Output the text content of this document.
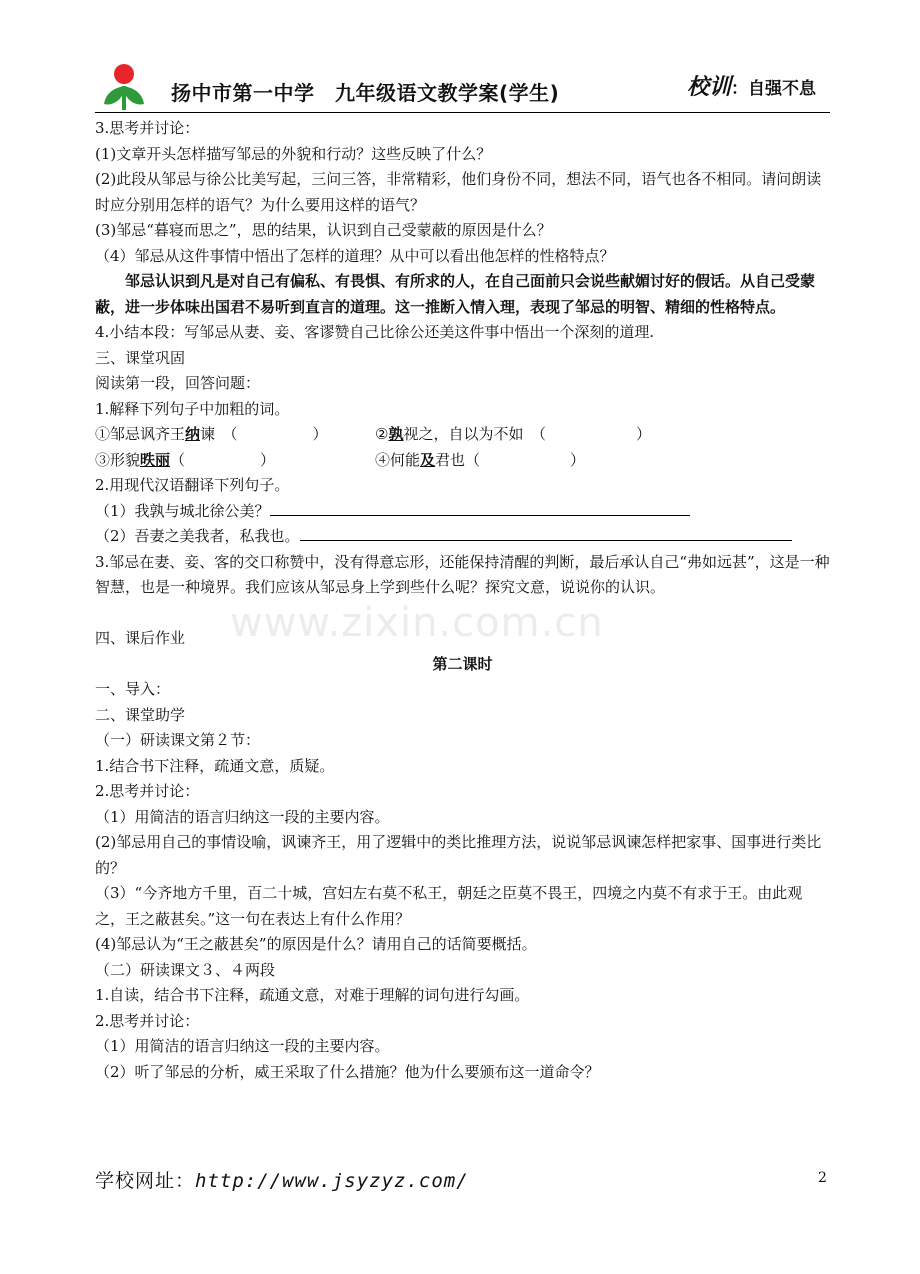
扬中市第一中学　九年级语文教学案(学生)	校训：自强不息
www.zixin.com.cn
3.思考并讨论：
(1)文章开头怎样描写邹忌的外貌和行动？这些反映了什么？
(2)此段从邹忌与徐公比美写起，三问三答，非常精彩，他们身份不同，想法不同，语气也各不相同。请问朗读时应分别用怎样的语气？为什么要用这样的语气？
(3)邹忌“暮寝而思之”，思的结果，认识到自己受蒙蔽的原因是什么？
（4）邹忌从这件事情中悟出了怎样的道理？从中可以看出他怎样的性格特点？
邹忌认识到凡是对自己有偏私、有畏惧、有所求的人，在自己面前只会说些献媚讨好的假话。从自己受蒙蔽，进一步体味出国君不易听到直言的道理。这一推断入情入理，表现了邹忌的明智、精细的性格特点。
4.小结本段：写邹忌从妻、妾、客谬赞自己比徐公还美这件事中悟出一个深刻的道理.
三、课堂巩固
阅读第一段，回答问题：
1.解释下列句子中加粗的词。
①邹忌讽齐王纳谏　（　　　　　）	②孰视之，自以为不如　（　　　　　　）
③形貌昳丽（　　　　　）	④何能及君也（　　　　　　）
2.用现代汉语翻译下列句子。
（1）我孰与城北徐公美？
（2）吾妻之美我者，私我也。
3.邹忌在妻、妾、客的交口称赞中，没有得意忘形，还能保持清醒的判断，最后承认自己“弗如远甚”，这是一种智慧，也是一种境界。我们应该从邹忌身上学到些什么呢？探究文意，说说你的认识。
四、课后作业
第二课时
一、导入：
二、课堂助学
（一）研读课文第２节：
1.结合书下注释，疏通文意，质疑。
2.思考并讨论：
（1）用简洁的语言归纳这一段的主要内容。
(2)邹忌用自己的事情设喻，讽谏齐王，用了逻辑中的类比推理方法，说说邹忌讽谏怎样把家事、国事进行类比的？
（3）“今齐地方千里，百二十城，宫妇左右莫不私王，朝廷之臣莫不畏王，四境之内莫不有求于王。由此观之，王之蔽甚矣。”这一句在表达上有什么作用？
(4)邹忌认为“王之蔽甚矣”的原因是什么？请用自己的话简要概括。
（二）研读课文３、４两段
1.自读，结合书下注释，疏通文意，对难于理解的词句进行勾画。
2.思考并讨论：
（1）用简洁的语言归纳这一段的主要内容。
（2）听了邹忌的分析，威王采取了什么措施？他为什么要颁布这一道命令？
学校网址：http://www.jsyzyz.com/	2
